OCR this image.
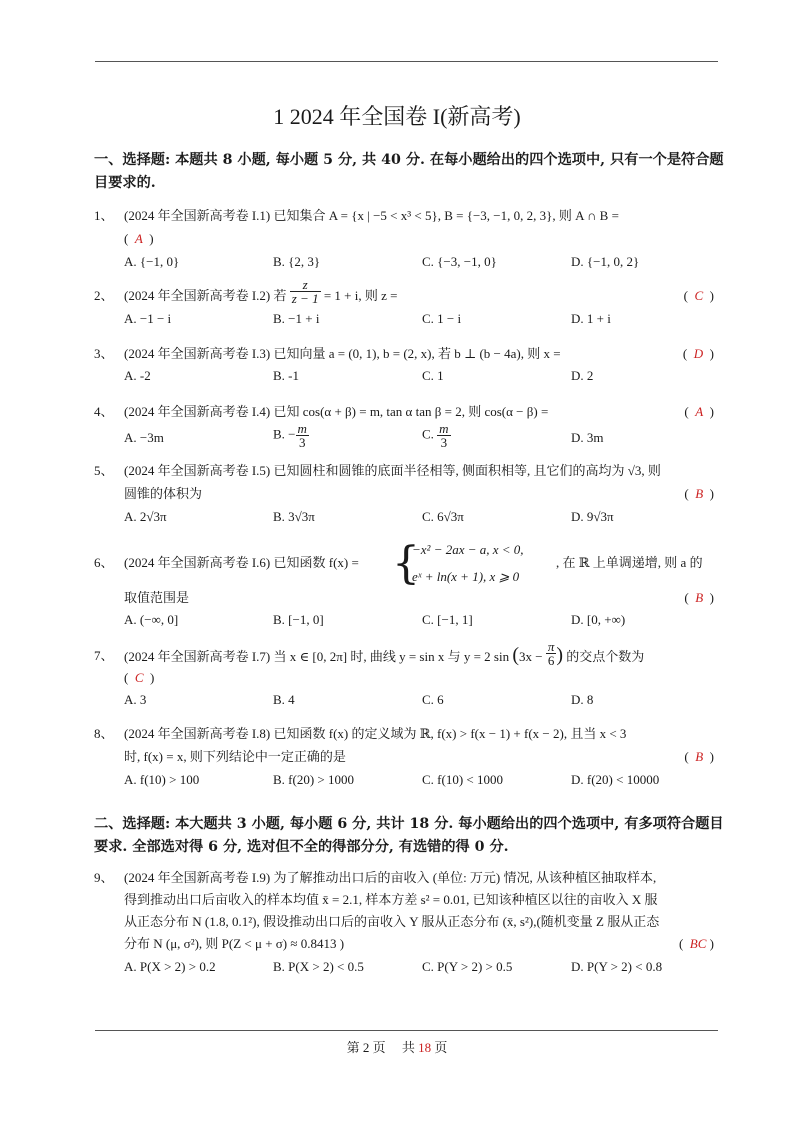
1 2024 年全国卷 I(新高考)
一、选择题: 本题共 8 小题, 每小题 5 分, 共 40 分. 在每小题给出的四个选项中, 只有一个是符合题目要求的.
1、 (2024 年全国新高考卷 I.1) 已知集合 A = {x | −5 < x³ < 5}, B = {−3, −1, 0, 2, 3}, 则 A ∩ B =
( A )
A. {−1, 0}	B. {2, 3}	C. {−3, −1, 0}	D. {−1, 0, 2}
2、 (2024 年全国新高考卷 I.2) 若 $\frac{z}{z - 1} = 1 + i$, 则 z =	(  C  )
A. −1 − i	B. −1 + i	C. 1 − i	D. 1 + i
3、 (2024 年全国新高考卷 I.3) 已知向量 a = (0, 1), b = (2, x), 若 b ⊥ (b − 4a), 则 x =	(  D  )
A. -2	B. -1	C. 1	D. 2
4、 (2024 年全国新高考卷 I.4) 已知 cos(α + β) = m, tan α tan β = 2, 则 cos(α − β) =	(  A  )
A. −3m	B. − $\frac{m}{3}$	C. $\frac{m}{3}$	D. 3m
5、 (2024 年全国新高考卷 I.5) 已知圆柱和圆锥的底面半径相等, 侧面积相等, 且它们的高均为 √3, 则
圆锥的体积为	(  B  )
A. 2√3π	B. 3√3π	C. 6√3π	D. 9√3π
6、 (2024 年全国新高考卷 I.6) 已知函数 f(x) = {
−x² − 2ax − a, x < 0,
eˣ + ln(x + 1), x ⩾ 0
, 在 ℝ 上单调递增, 则 a 的
取值范围是	(  B  )
A. (−∞, 0]	B. [−1, 0]	C. [−1, 1]	D. [0, +∞)
7、 (2024 年全国新高考卷 I.7) 当 x ∈ [0, 2π] 时, 曲线 y = sin x 与 y = 2 $\sin (3x - \frac{\pi}{6}$ ) 的交点个数为
(  C  )
A. 3	B. 4	C. 6	D. 8
8、 (2024 年全国新高考卷 I.8) 已知函数 f(x) 的定义域为 ℝ, f(x) > f(x − 1) + f(x − 2), 且当 x < 3
时, f(x) = x, 则下列结论中一定正确的是	(  B  )
A. f(10) > 100	B. f(20) > 1000	C. f(10) < 1000	D. f(20) < 10000
二、选择题: 本大题共 3 小题, 每小题 6 分, 共计 18 分. 每小题给出的四个选项中, 有多项符合题目要求. 全部选对得 6 分, 选对但不全的得部分分, 有选错的得 0 分.
9、 (2024 年全国新高考卷 I.9) 为了解推动出口后的亩收入 (单位: 万元) 情况, 从该种植区抽取样本,
得到推动出口后亩收入的样本均值 x̄ = 2.1, 样本方差 s² = 0.01, 已知该种植区以往的亩收入 X 服
从正态分布 N (1.8, 0.1²), 假设推动出口后的亩收入 Y 服从正态分布 (x̄, s²),(随机变量 Z 服从正态
分布 N (μ, σ²), 则 P(Z < μ + σ) ≈ 0.8413 )	(  BC )
A. P(X > 2) > 0.2	B. P(X > 2) < 0.5	C. P(Y > 2) > 0.5	D. P(Y > 2) < 0.8
第 2 页 共 18 页
